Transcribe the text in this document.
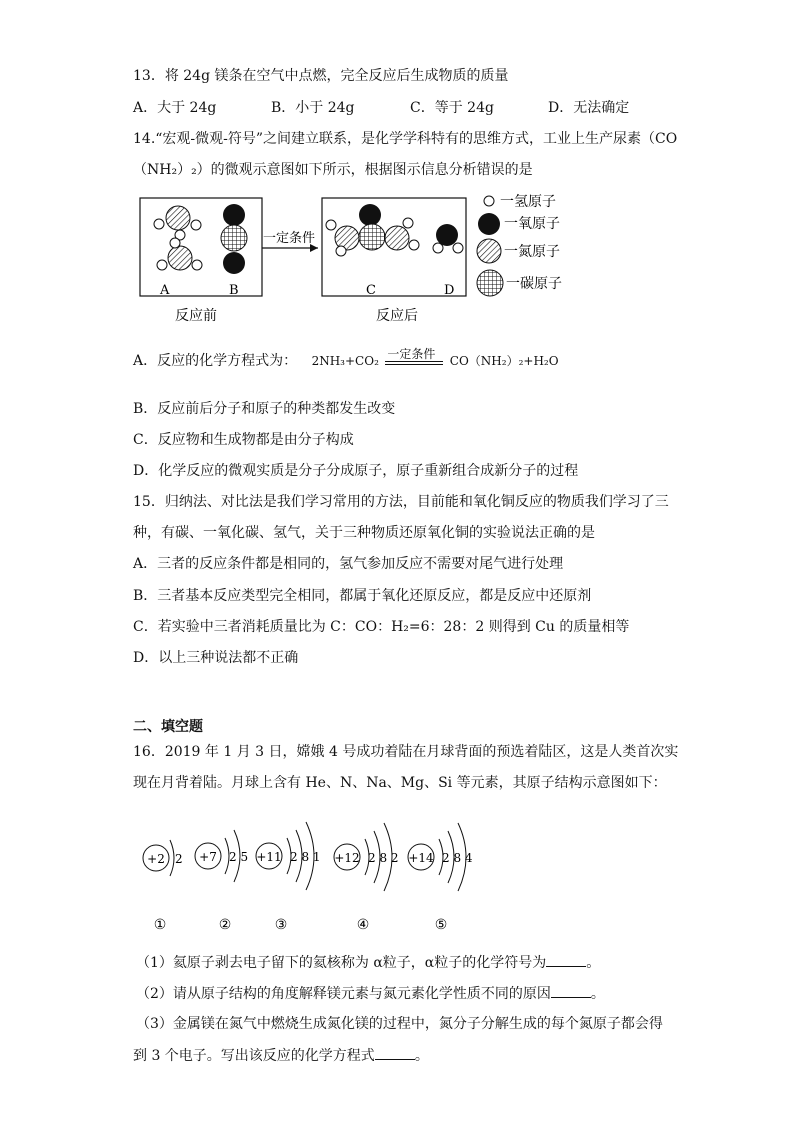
13．将 24g 镁条在空气中点燃，完全反应后生成物质的质量
A．大于 24g	B．小于 24g	C．等于 24g	D．无法确定
14.“宏观-微观-符号”之间建立联系，是化学学科特有的思维方式，工业上生产尿素（CO
（NH₂）₂）的微观示意图如下所示，根据图示信息分析错误的是
A	B
一定条件
C	D
反应前	反应后
一氢原子
一氧原子
一氮原子
一碳原子
A．反应的化学方程式为： 2NH₃+CO₂ 一定条件 CO（NH₂）₂+H₂O
B．反应前后分子和原子的种类都发生改变
C．反应物和生成物都是由分子构成
D．化学反应的微观实质是分子分成原子，原子重新组合成新分子的过程
15．归纳法、对比法是我们学习常用的方法，目前能和氧化铜反应的物质我们学习了三
种，有碳、一氧化碳、氢气，关于三种物质还原氧化铜的实验说法正确的是
A．三者的反应条件都是相同的，氢气参加反应不需要对尾气进行处理
B．三者基本反应类型完全相同，都属于氧化还原反应，都是反应中还原剂
C．若实验中三者消耗质量比为 C：CO：H₂=6：28：2 则得到 Cu 的质量相等
D．以上三种说法都不正确
二、填空题
16．2019 年 1 月 3 日，嫦娥 4 号成功着陆在月球背面的预选着陆区，这是人类首次实
现在月背着陆。月球上含有 He、N、Na、Mg、Si 等元素，其原子结构示意图如下：
+2 2
①
+7 2 5
②
+11 2 8 1
③
+12 2 8 2
④
+14 2 8 4
⑤
（1）氦原子剥去电子留下的氦核称为 α粒子，α粒子的化学符号为	。
（2）请从原子结构的角度解释镁元素与氮元素化学性质不同的原因	。
（3）金属镁在氮气中燃烧生成氮化镁的过程中，氮分子分解生成的每个氮原子都会得
到 3 个电子。写出该反应的化学方程式	。
